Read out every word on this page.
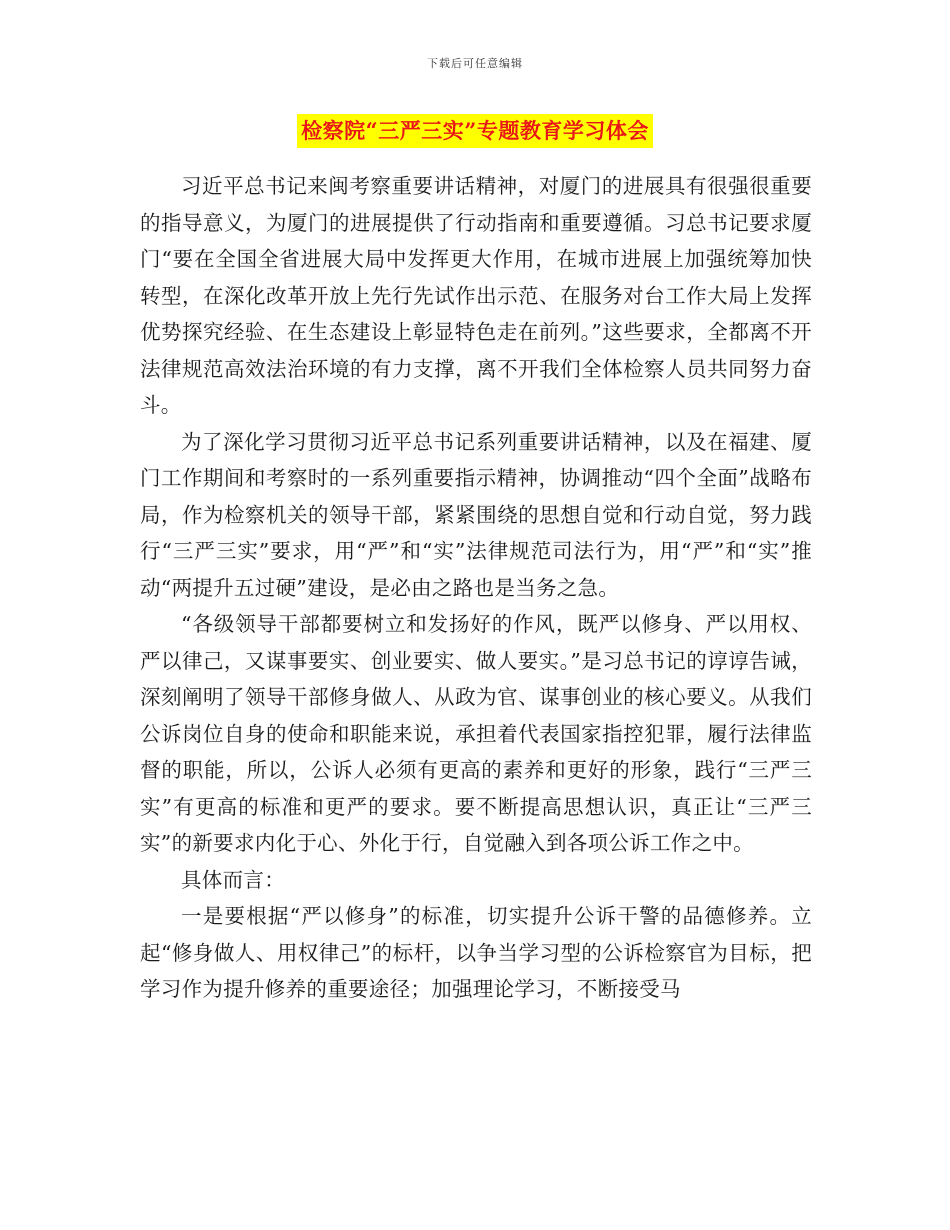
下载后可任意编辑
检察院“三严三实”专题教育学习体会

习近平总书记来闽考察重要讲话精神，对厦门的进展具有很强很重要的指导意义，为厦门的进展提供了行动指南和重要遵循。习总书记要求厦门“要在全国全省进展大局中发挥更大作用，在城市进展上加强统筹加快转型，在深化改革开放上先行先试作出示范、在服务对台工作大局上发挥优势探究经验、在生态建设上彰显特色走在前列。”这些要求，全都离不开法律规范高效法治环境的有力支撑，离不开我们全体检察人员共同努力奋斗。

为了深化学习贯彻习近平总书记系列重要讲话精神，以及在福建、厦门工作期间和考察时的一系列重要指示精神，协调推动“四个全面”战略布局，作为检察机关的领导干部，紧紧围绕的思想自觉和行动自觉，努力践行“三严三实”要求，用“严”和“实”法律规范司法行为，用“严”和“实”推动“两提升五过硬”建设，是必由之路也是当务之急。

“各级领导干部都要树立和发扬好的作风，既严以修身、严以用权、严以律己，又谋事要实、创业要实、做人要实。”是习总书记的谆谆告诫，深刻阐明了领导干部修身做人、从政为官、谋事创业的核心要义。从我们公诉岗位自身的使命和职能来说，承担着代表国家指控犯罪，履行法律监督的职能，所以，公诉人必须有更高的素养和更好的形象，践行“三严三实”有更高的标准和更严的要求。要不断提高思想认识，真正让“三严三实”的新要求内化于心、外化于行，自觉融入到各项公诉工作之中。

具体而言：

一是要根据“严以修身”的标准，切实提升公诉干警的品德修养。立起“修身做人、用权律己”的标杆，以争当学习型的公诉检察官为目标，把学习作为提升修养的重要途径；加强理论学习，不断接受马
